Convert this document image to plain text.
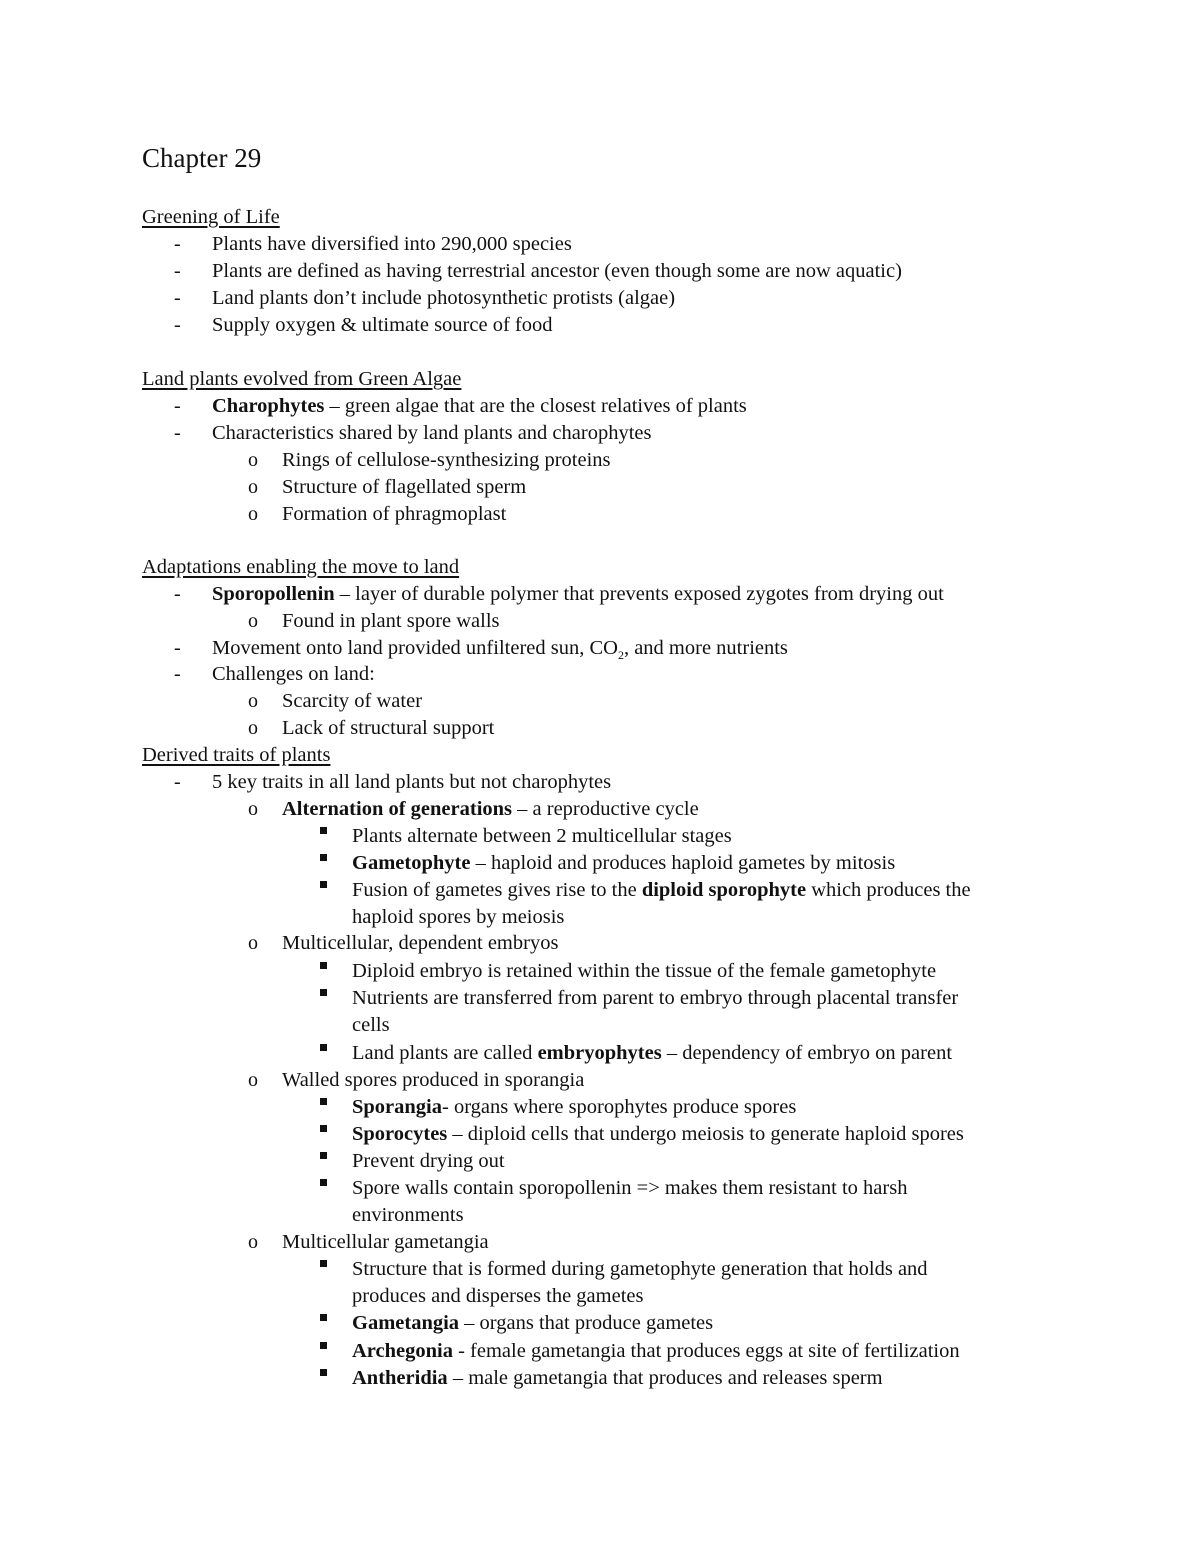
Chapter 29
Greening of Life
- Plants have diversified into 290,000 species
- Plants are defined as having terrestrial ancestor (even though some are now aquatic)
- Land plants don’t include photosynthetic protists (algae)
- Supply oxygen & ultimate source of food
Land plants evolved from Green Algae
- Charophytes – green algae that are the closest relatives of plants
- Characteristics shared by land plants and charophytes
o Rings of cellulose-synthesizing proteins
o Structure of flagellated sperm
o Formation of phragmoplast
Adaptations enabling the move to land
- Sporopollenin – layer of durable polymer that prevents exposed zygotes from drying out
o Found in plant spore walls
- Movement onto land provided unfiltered sun, $CO_2$, and more nutrients
- Challenges on land:
o Scarcity of water
o Lack of structural support
Derived traits of plants
- 5 key traits in all land plants but not charophytes
o Alternation of generations – a reproductive cycle
Plants alternate between 2 multicellular stages
Gametophyte – haploid and produces haploid gametes by mitosis
Fusion of gametes gives rise to the diploid sporophyte which produces the
haploid spores by meiosis
o Multicellular, dependent embryos
Diploid embryo is retained within the tissue of the female gametophyte
Nutrients are transferred from parent to embryo through placental transfer
cells
Land plants are called embryophytes – dependency of embryo on parent
o Walled spores produced in sporangia
Sporangia- organs where sporophytes produce spores
Sporocytes – diploid cells that undergo meiosis to generate haploid spores
Prevent drying out
Spore walls contain sporopollenin => makes them resistant to harsh
environments
o Multicellular gametangia
Structure that is formed during gametophyte generation that holds and
produces and disperses the gametes
Gametangia – organs that produce gametes
Archegonia - female gametangia that produces eggs at site of fertilization
Antheridia – male gametangia that produces and releases sperm
